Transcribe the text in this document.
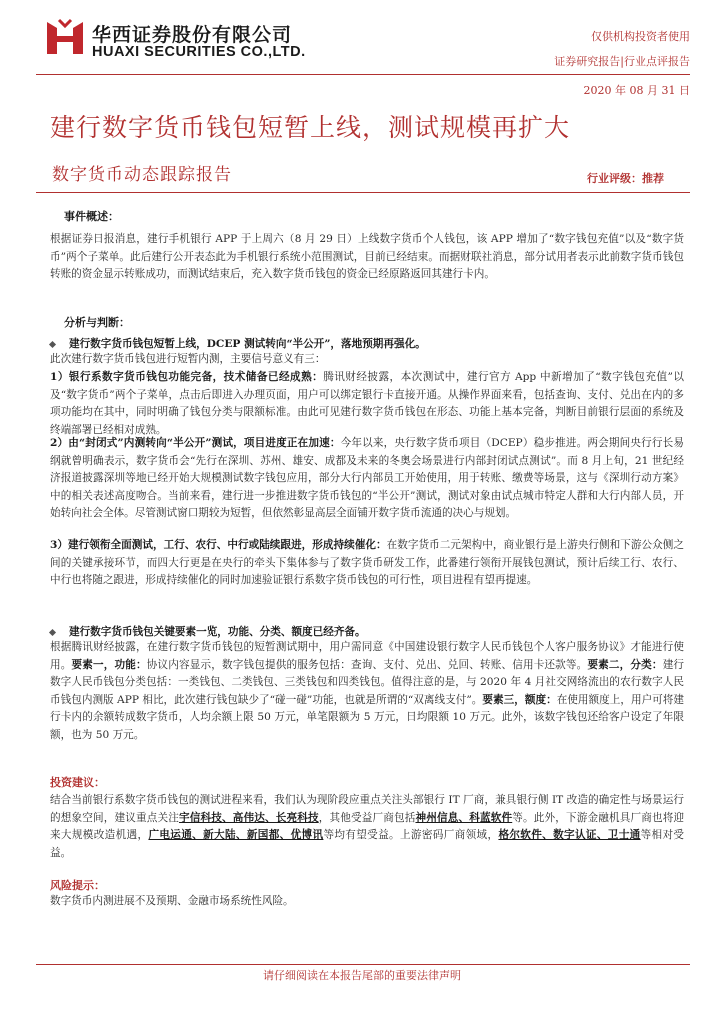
华西证券股份有限公司
HUAXI SECURITIES CO.,LTD.
仅供机构投资者使用
证券研究报告|行业点评报告
2020 年 08 月 31 日
建行数字货币钱包短暂上线，测试规模再扩大
数字货币动态跟踪报告	行业评级：推荐
事件概述：
根据证券日报消息，建行手机银行 APP 于上周六（8 月 29 日）上线数字货币个人钱包，该 APP 增加了“数字钱包充值”以及“数字货币”两个子菜单。此后建行公开表态此为手机银行系统小范围测试，目前已经结束。而据财联社消息，部分试用者表示此前数字货币钱包转账的资金显示转账成功，而测试结束后，充入数字货币钱包的资金已经原路返回其建行卡内。
分析与判断：
建行数字货币钱包短暂上线，DCEP 测试转向“半公开”，落地预期再强化。
此次建行数字货币钱包进行短暂内测，主要信号意义有三：
1）银行系数字货币钱包功能完备，技术储备已经成熟：腾讯财经披露，本次测试中，建行官方 App 中新增加了“数字钱包充值”以及“数字货币”两个子菜单，点击后即进入办理页面，用户可以绑定银行卡直接开通。从操作界面来看，包括查询、支付、兑出在内的多项功能均在其中，同时明确了钱包分类与限额标准。由此可见建行数字货币钱包在形态、功能上基本完备，判断目前银行层面的系统及终端部署已经相对成熟。
2）由“封闭式”内测转向“半公开”测试，项目进度正在加速：今年以来，央行数字货币项目（DCEP）稳步推进。两会期间央行行长易纲就曾明确表示，数字货币会“先行在深圳、苏州、雄安、成都及未来的冬奥会场景进行内部封闭试点测试”。而 8 月上旬，21 世纪经济报道披露深圳等地已经开始大规模测试数字钱包应用，部分大行内部员工开始使用，用于转账、缴费等场景，这与《深圳行动方案》中的相关表述高度吻合。当前来看，建行进一步推进数字货币钱包的“半公开”测试，测试对象由试点城市特定人群和大行内部人员，开始转向社会全体。尽管测试窗口期较为短暂，但依然彰显高层全面铺开数字货币流通的决心与规划。
3）建行领衔全面测试，工行、农行、中行或陆续跟进，形成持续催化：在数字货币二元架构中，商业银行是上游央行侧和下游公众侧之间的关键承接环节，而四大行更是在央行的牵头下集体参与了数字货币研发工作，此番建行领衔开展钱包测试，预计后续工行、农行、中行也将随之跟进，形成持续催化的同时加速验证银行系数字货币钱包的可行性，项目进程有望再提速。
建行数字货币钱包关键要素一览，功能、分类、额度已经齐备。
根据腾讯财经披露，在建行数字货币钱包的短暂测试期中，用户需同意《中国建设银行数字人民币钱包个人客户服务协议》才能进行使用。要素一，功能：协议内容显示，数字钱包提供的服务包括：查询、支付、兑出、兑回、转账、信用卡还款等。要素二，分类：建行数字人民币钱包分类包括：一类钱包、二类钱包、三类钱包和四类钱包。值得注意的是，与 2020 年 4 月社交网络流出的农行数字人民币钱包内测版 APP 相比，此次建行钱包缺少了“碰一碰”功能，也就是所谓的“双离线支付”。要素三，额度：在使用额度上，用户可将建行卡内的余额转成数字货币，人均余额上限 50 万元，单笔限额为 5 万元，日均限额 10 万元。此外，该数字钱包还给客户设定了年限额，也为 50 万元。
投资建议：
结合当前银行系数字货币钱包的测试进程来看，我们认为现阶段应重点关注头部银行 IT 厂商，兼具银行侧 IT 改造的确定性与场景运行的想象空间，建议重点关注宇信科技、高伟达、长亮科技，其他受益厂商包括神州信息、科蓝软件等。此外，下游金融机具厂商也将迎来大规模改造机遇，广电运通、新大陆、新国都、优博讯等均有望受益。上游密码厂商领域，格尔软件、数字认证、卫士通等相对受益。
风险提示：
数字货币内测进展不及预期、金融市场系统性风险。
请仔细阅读在本报告尾部的重要法律声明
